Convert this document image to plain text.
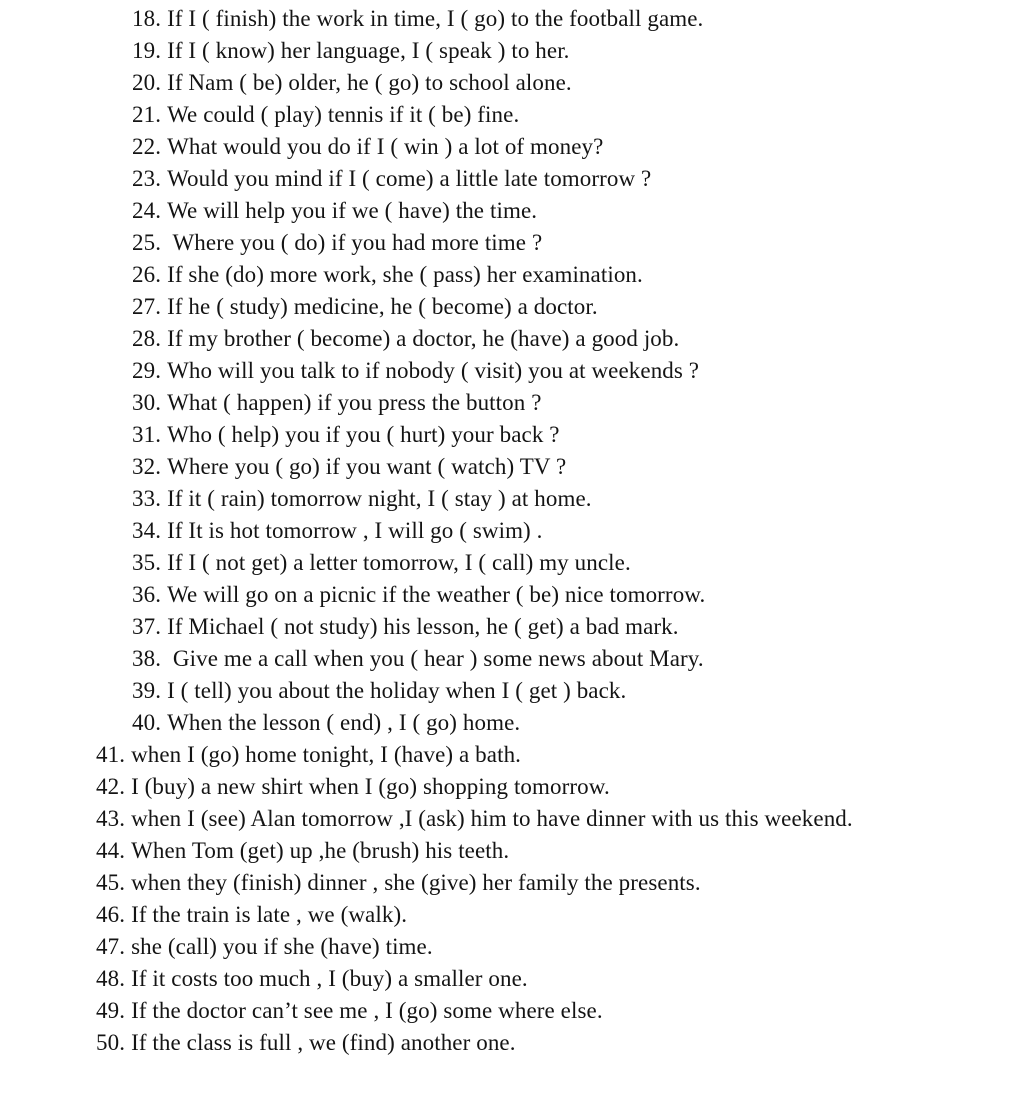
18. If I ( finish) the work in time, I ( go) to the football game.
19. If I ( know) her language, I ( speak ) to her.
20. If Nam ( be) older, he ( go) to school alone.
21. We could ( play) tennis if it ( be) fine.
22. What would you do if I ( win ) a lot of money?
23. Would you mind if I ( come) a little late tomorrow ?
24. We will help you if we ( have) the time.
25. Where you ( do) if you had more time ?
26. If she (do) more work, she ( pass) her examination.
27. If he ( study) medicine, he ( become) a doctor.
28. If my brother ( become) a doctor, he (have) a good job.
29. Who will you talk to if nobody ( visit) you at weekends ?
30. What ( happen) if you press the button ?
31. Who ( help) you if you ( hurt) your back ?
32. Where you ( go) if you want ( watch) TV ?
33. If it ( rain) tomorrow night, I ( stay ) at home.
34. If It is hot tomorrow , I will go ( swim) .
35. If I ( not get) a letter tomorrow, I ( call) my uncle.
36. We will go on a picnic if the weather ( be) nice tomorrow.
37. If Michael ( not study) his lesson, he ( get) a bad mark.
38. Give me a call when you ( hear ) some news about Mary.
39. I ( tell) you about the holiday when I ( get ) back.
40. When the lesson ( end) , I ( go) home.
41. when I (go) home tonight, I (have) a bath.
42. I (buy) a new shirt when I (go) shopping tomorrow.
43. when I (see) Alan tomorrow ,I (ask) him to have dinner with us this weekend.
44. When Tom (get) up ,he (brush) his teeth.
45. when they (finish) dinner , she (give) her family the presents.
46. If the train is late , we (walk).
47. she (call) you if she (have) time.
48. If it costs too much , I (buy) a smaller one.
49. If the doctor can’t see me , I (go) some where else.
50. If the class is full , we (find) another one.
